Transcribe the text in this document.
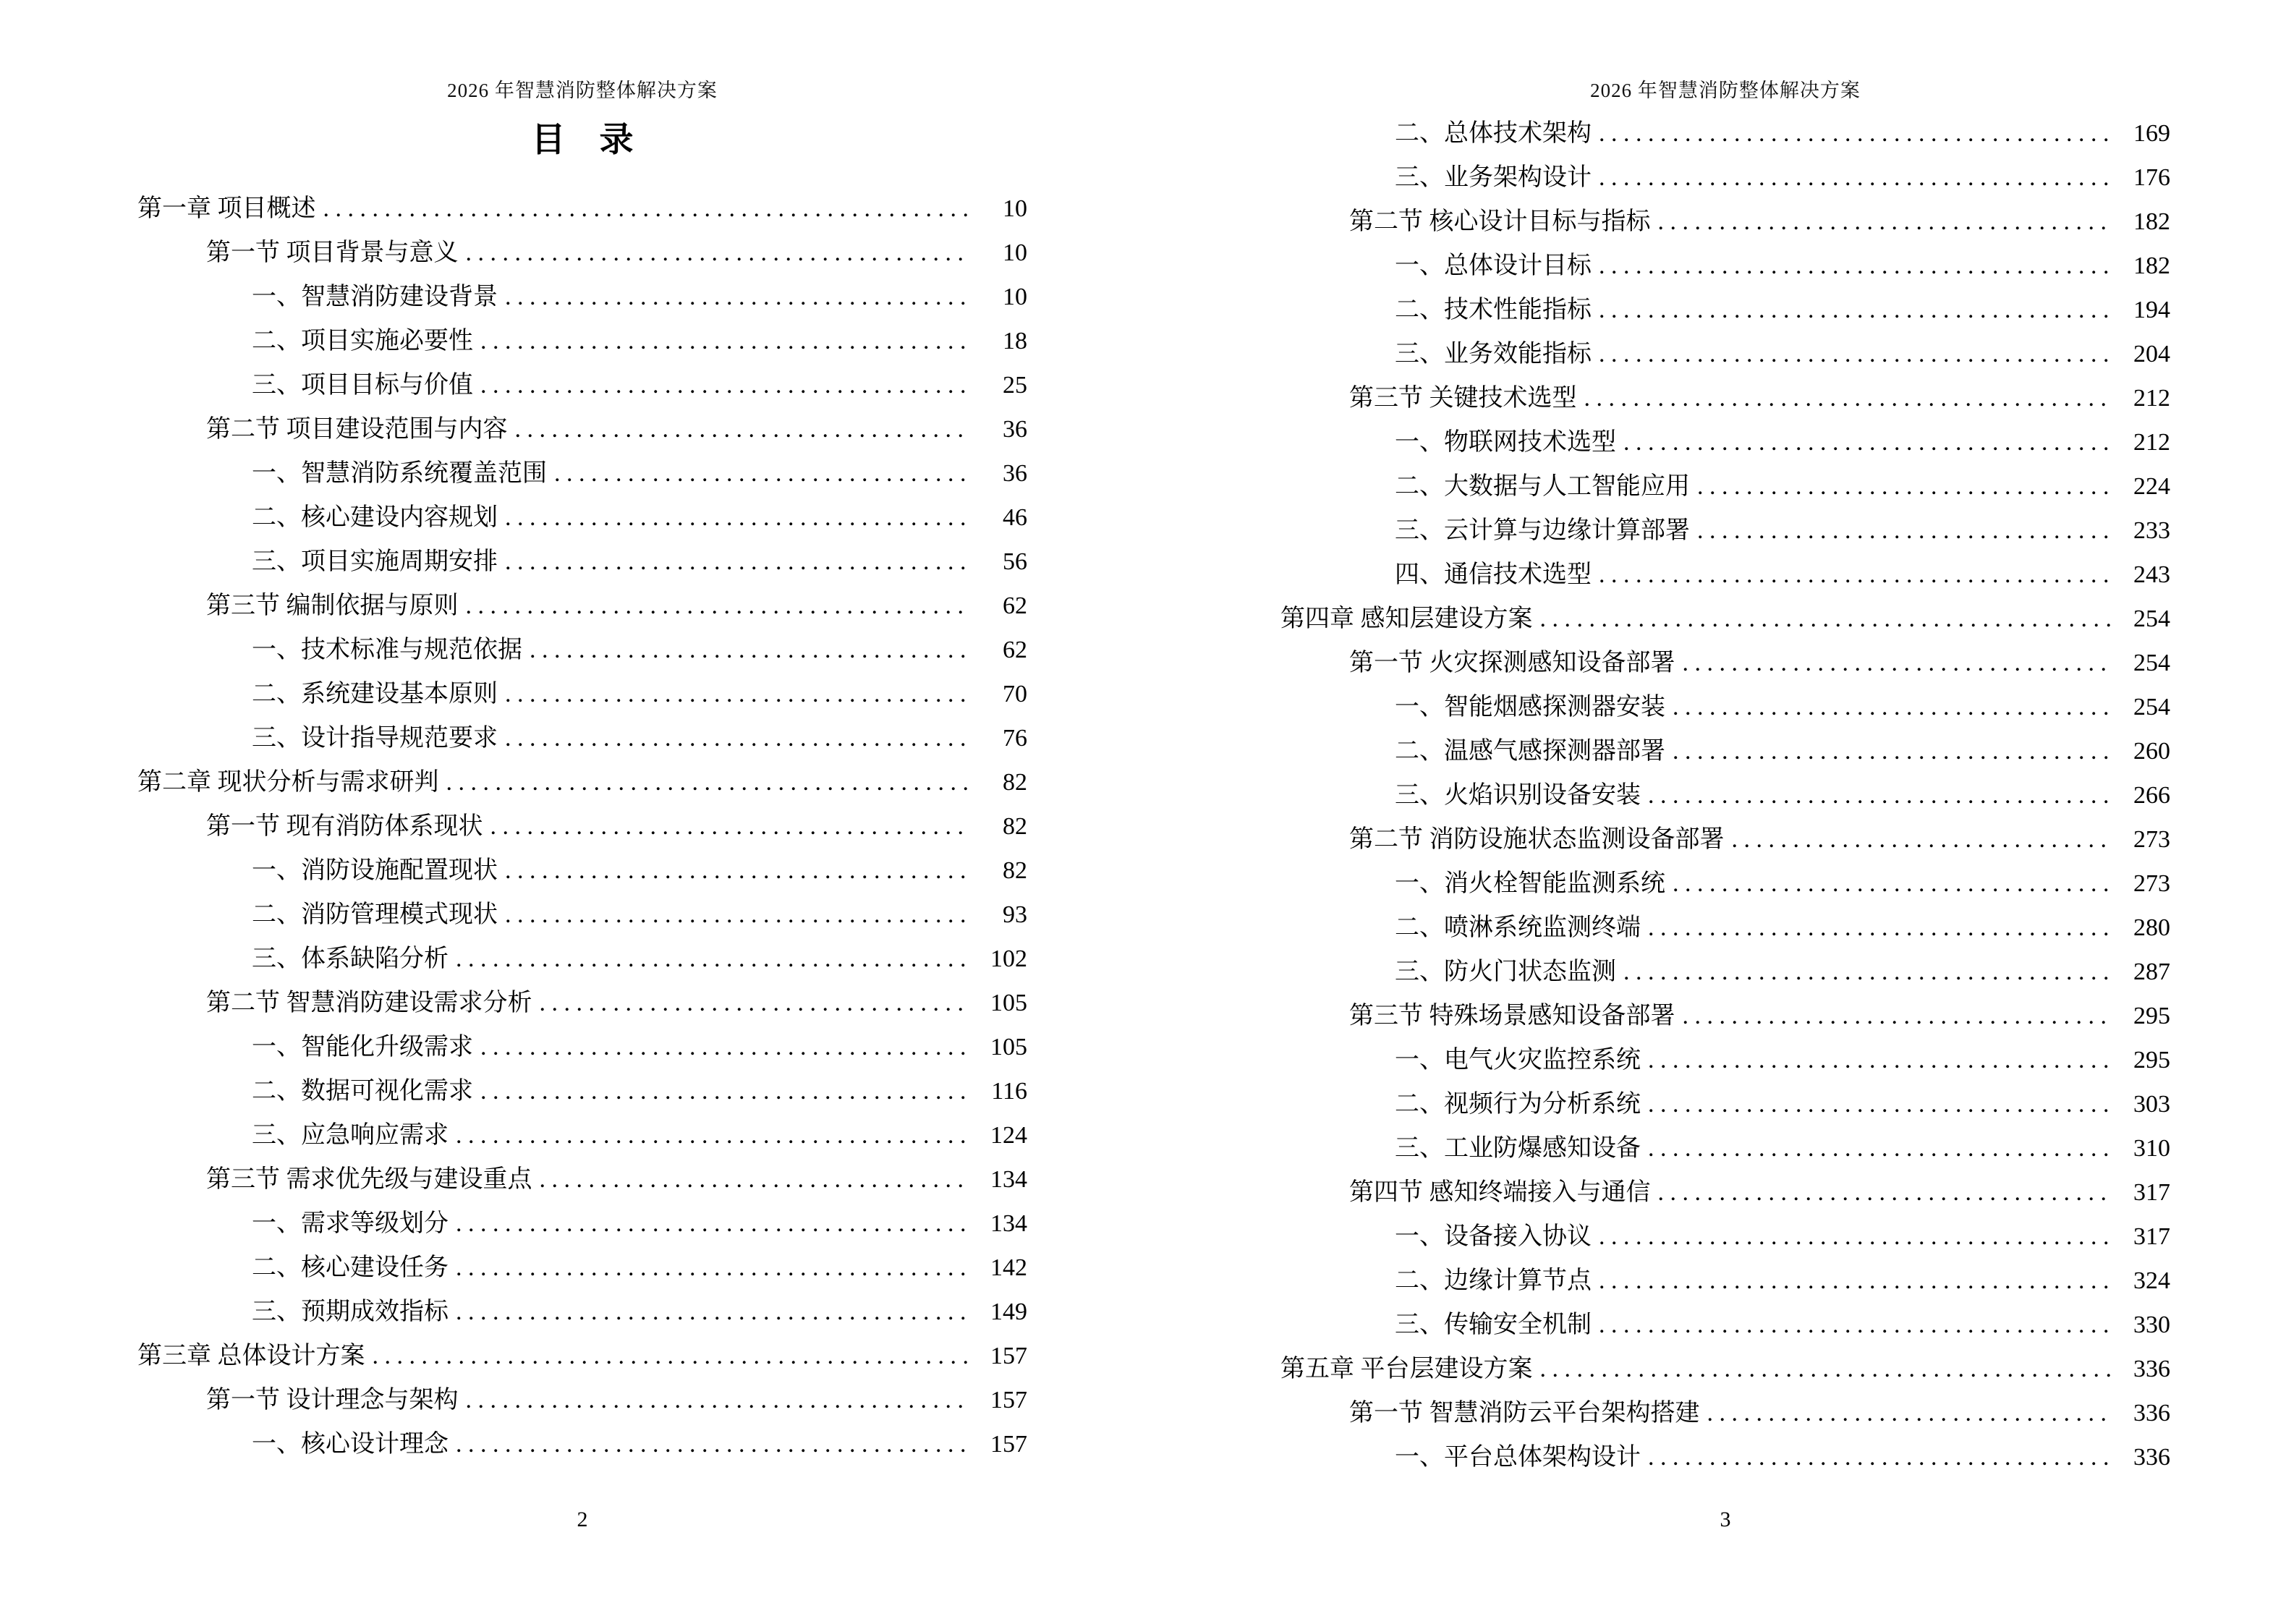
2026 年智慧消防整体解决方案
目　录
第一章 项目概述 .....	10
第一节 项目背景与意义 .....	10
一、智慧消防建设背景 .....	10
二、项目实施必要性 .....	18
三、项目目标与价值 .....	25
第二节 项目建设范围与内容 .....	36
一、智慧消防系统覆盖范围 .....	36
二、核心建设内容规划 .....	46
三、项目实施周期安排 .....	56
第三节 编制依据与原则 .....	62
一、技术标准与规范依据 .....	62
二、系统建设基本原则 .....	70
三、设计指导规范要求 .....	76
第二章 现状分析与需求研判 .....	82
第一节 现有消防体系现状 .....	82
一、消防设施配置现状 .....	82
二、消防管理模式现状 .....	93
三、体系缺陷分析 .....	102
第二节 智慧消防建设需求分析 .....	105
一、智能化升级需求 .....	105
二、数据可视化需求 .....	116
三、应急响应需求 .....	124
第三节 需求优先级与建设重点 .....	134
一、需求等级划分 .....	134
二、核心建设任务 .....	142
三、预期成效指标 .....	149
第三章 总体设计方案 .....	157
第一节 设计理念与架构 .....	157
一、核心设计理念 .....	157
2
2026 年智慧消防整体解决方案
二、总体技术架构 .....	169
三、业务架构设计 .....	176
第二节 核心设计目标与指标 .....	182
一、总体设计目标 .....	182
二、技术性能指标 .....	194
三、业务效能指标 .....	204
第三节 关键技术选型 .....	212
一、物联网技术选型 .....	212
二、大数据与人工智能应用 .....	224
三、云计算与边缘计算部署 .....	233
四、通信技术选型 .....	243
第四章 感知层建设方案 .....	254
第一节 火灾探测感知设备部署 .....	254
一、智能烟感探测器安装 .....	254
二、温感气感探测器部署 .....	260
三、火焰识别设备安装 .....	266
第二节 消防设施状态监测设备部署 .....	273
一、消火栓智能监测系统 .....	273
二、喷淋系统监测终端 .....	280
三、防火门状态监测 .....	287
第三节 特殊场景感知设备部署 .....	295
一、电气火灾监控系统 .....	295
二、视频行为分析系统 .....	303
三、工业防爆感知设备 .....	310
第四节 感知终端接入与通信 .....	317
一、设备接入协议 .....	317
二、边缘计算节点 .....	324
三、传输安全机制 .....	330
第五章 平台层建设方案 .....	336
第一节 智慧消防云平台架构搭建 .....	336
一、平台总体架构设计 .....	336
3
